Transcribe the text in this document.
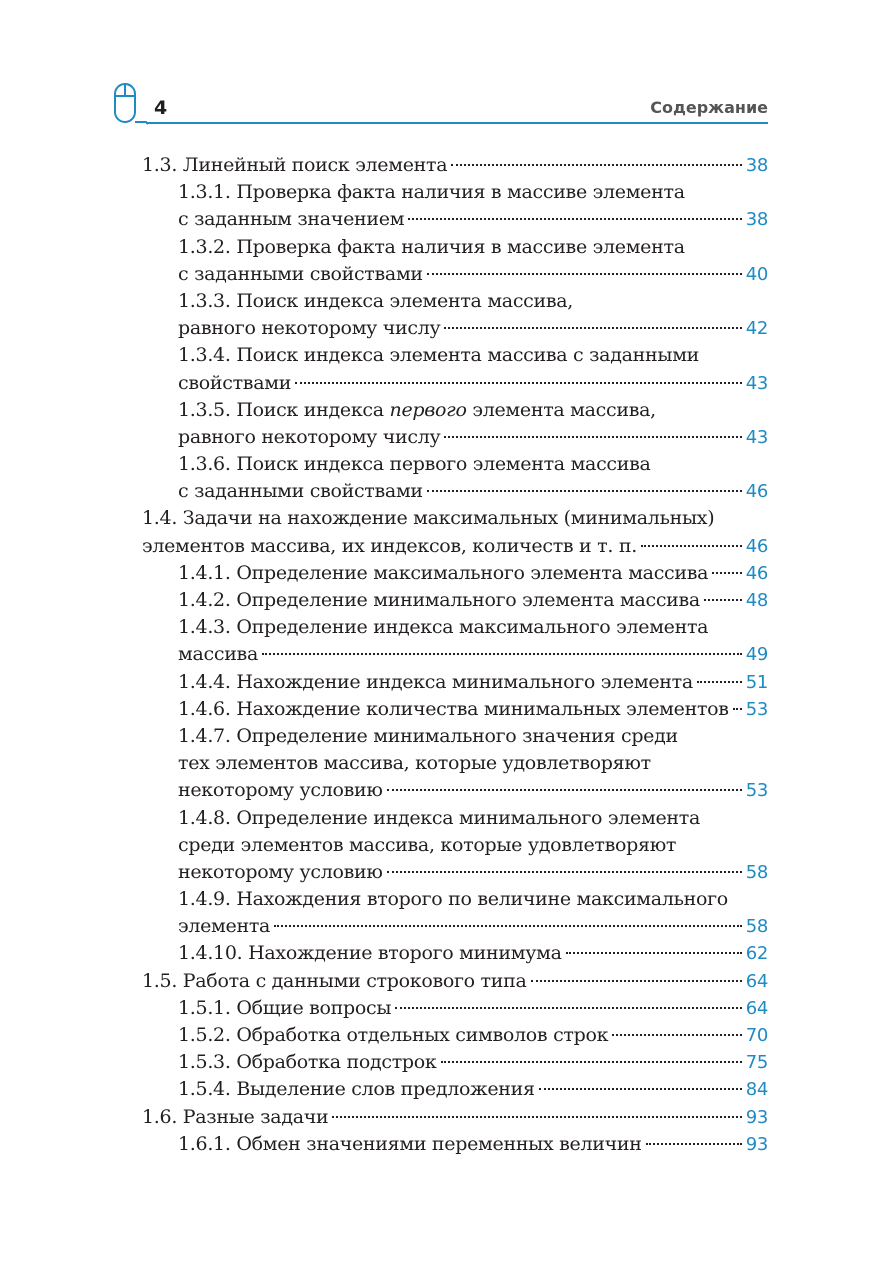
4	Содержание
1.3. Линейный поиск элемента	38
1.3.1. Проверка факта наличия в массиве элемента
с заданным значением	38
1.3.2. Проверка факта наличия в массиве элемента
с заданными свойствами	40
1.3.3. Поиск индекса элемента массива,
равного некоторому числу	42
1.3.4. Поиск индекса элемента массива с заданными
свойствами	43
1.3.5. Поиск индекса первого элемента массива,
равного некоторому числу	43
1.3.6. Поиск индекса первого элемента массива
с заданными свойствами	46
1.4. Задачи на нахождение максимальных (минимальных)
элементов массива, их индексов, количеств и т. п.	46
1.4.1. Определение максимального элемента массива 46
1.4.2. Определение минимального элемента массива	48
1.4.3. Определение индекса максимального элемента
массива	49
1.4.4. Нахождение индекса минимального элемента	51
1.4.6. Нахождение количества минимальных элементов 53
1.4.7. Определение минимального значения среди
тех элементов массива, которые удовлетворяют
некоторому условию	53
1.4.8. Определение индекса минимального элемента
среди элементов массива, которые удовлетворяют
некоторому условию	58
1.4.9. Нахождения второго по величине максимального
элемента	58
1.4.10. Нахождение второго минимума	62
1.5. Работа с данными строкового типа	64
1.5.1. Общие вопросы	64
1.5.2. Обработка отдельных символов строк	70
1.5.3. Обработка подстрок	75
1.5.4. Выделение слов предложения	84
1.6. Разные задачи	93
1.6.1. Обмен значениями переменных величин	93
